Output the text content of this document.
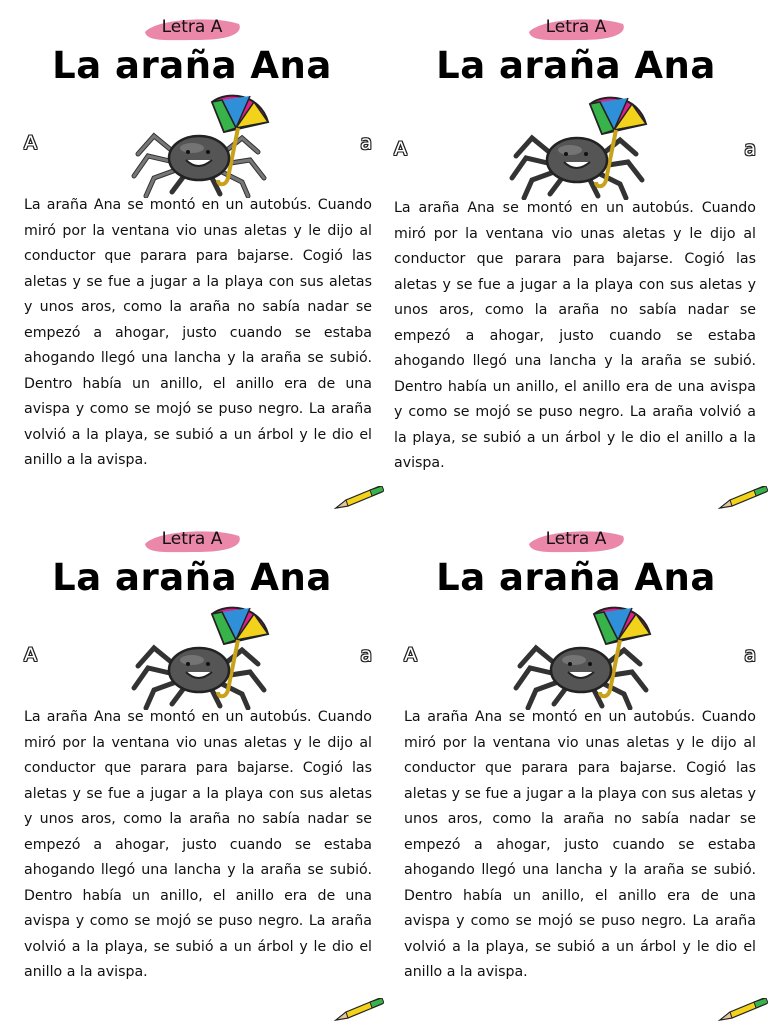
Letra A
La araña Ana
A	a
La araña Ana se montó en un autobús. Cuando miró por la ventana vio unas aletas y le dijo al conductor que parara para bajarse. Cogió las aletas y se fue a jugar a la playa con sus aletas y unos aros, como la araña no sabía nadar se empezó a ahogar, justo cuando se estaba ahogando llegó una lancha y la araña se subió. Dentro había un anillo, el anillo era de una avispa y como se mojó se puso negro. La araña volvió a la playa, se subió a un árbol y le dio el anillo a la avispa.
Letra A
La araña Ana
A	a
La araña Ana se montó en un autobús. Cuando miró por la ventana vio unas aletas y le dijo al conductor que parara para bajarse. Cogió las aletas y se fue a jugar a la playa con sus aletas y unos aros, como la araña no sabía nadar se empezó a ahogar, justo cuando se estaba ahogando llegó una lancha y la araña se subió. Dentro había un anillo, el anillo era de una avispa y como se mojó se puso negro. La araña volvió a la playa, se subió a un árbol y le dio el anillo a la avispa.
Letra A
La araña Ana
A	a
La araña Ana se montó en un autobús. Cuando miró por la ventana vio unas aletas y le dijo al conductor que parara para bajarse. Cogió las aletas y se fue a jugar a la playa con sus aletas y unos aros, como la araña no sabía nadar se empezó a ahogar, justo cuando se estaba ahogando llegó una lancha y la araña se subió. Dentro había un anillo, el anillo era de una avispa y como se mojó se puso negro. La araña volvió a la playa, se subió a un árbol y le dio el anillo a la avispa.
Letra A
La araña Ana
A	a
La araña Ana se montó en un autobús. Cuando miró por la ventana vio unas aletas y le dijo al conductor que parara para bajarse. Cogió las aletas y se fue a jugar a la playa con sus aletas y unos aros, como la araña no sabía nadar se empezó a ahogar, justo cuando se estaba ahogando llegó una lancha y la araña se subió. Dentro había un anillo, el anillo era de una avispa y como se mojó se puso negro. La araña volvió a la playa, se subió a un árbol y le dio el anillo a la avispa.
